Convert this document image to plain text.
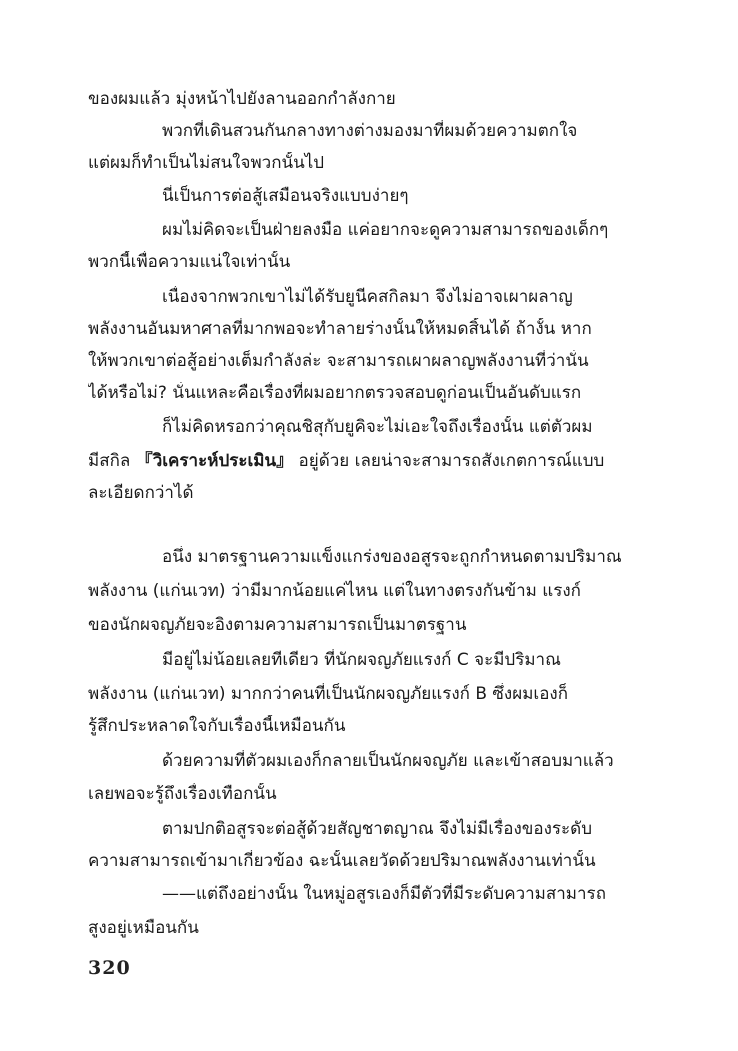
ของผมแล้ว มุ่งหน้าไปยังลานออกกำลังกาย
พวกที่เดินสวนกันกลางทางต่างมองมาที่ผมด้วยความตกใจ
แต่ผมก็ทำเป็นไม่สนใจพวกนั้นไป
นี่เป็นการต่อสู้เสมือนจริงแบบง่ายๆ
ผมไม่คิดจะเป็นฝ่ายลงมือ แค่อยากจะดูความสามารถของเด็กๆ
พวกนี้เพื่อความแน่ใจเท่านั้น
เนื่องจากพวกเขาไม่ได้รับยูนีคสกิลมา จึงไม่อาจเผาผลาญ
พลังงานอันมหาศาลที่มากพอจะทำลายร่างนั้นให้หมดสิ้นได้ ถ้างั้น หาก
ให้พวกเขาต่อสู้อย่างเต็มกำลังล่ะ จะสามารถเผาผลาญพลังงานที่ว่านั่น
ได้หรือไม่? นั่นแหละคือเรื่องที่ผมอยากตรวจสอบดูก่อนเป็นอันดับแรก
ก็ไม่คิดหรอกว่าคุณชิสุกับยูคิจะไม่เอะใจถึงเรื่องนั้น แต่ตัวผม
มีสกิล 『วิเคราะห์ประเมิน』 อยู่ด้วย เลยน่าจะสามารถสังเกตการณ์แบบ
ละเอียดกว่าได้
อนึ่ง มาตรฐานความแข็งแกร่งของอสูรจะถูกกำหนดตามปริมาณ
พลังงาน (แก่นเวท) ว่ามีมากน้อยแค่ไหน แต่ในทางตรงกันข้าม แรงก์
ของนักผจญภัยจะอิงตามความสามารถเป็นมาตรฐาน
มีอยู่ไม่น้อยเลยทีเดียว ที่นักผจญภัยแรงก์ C จะมีปริมาณ
พลังงาน (แก่นเวท) มากกว่าคนที่เป็นนักผจญภัยแรงก์ B ซึ่งผมเองก็
รู้สึกประหลาดใจกับเรื่องนี้เหมือนกัน
ด้วยความที่ตัวผมเองก็กลายเป็นนักผจญภัย และเข้าสอบมาแล้ว
เลยพอจะรู้ถึงเรื่องเทือกนั้น
ตามปกติอสูรจะต่อสู้ด้วยสัญชาตญาณ จึงไม่มีเรื่องของระดับ
ความสามารถเข้ามาเกี่ยวข้อง ฉะนั้นเลยวัดด้วยปริมาณพลังงานเท่านั้น
——แต่ถึงอย่างนั้น ในหมู่อสูรเองก็มีตัวที่มีระดับความสามารถ
สูงอยู่เหมือนกัน
320
